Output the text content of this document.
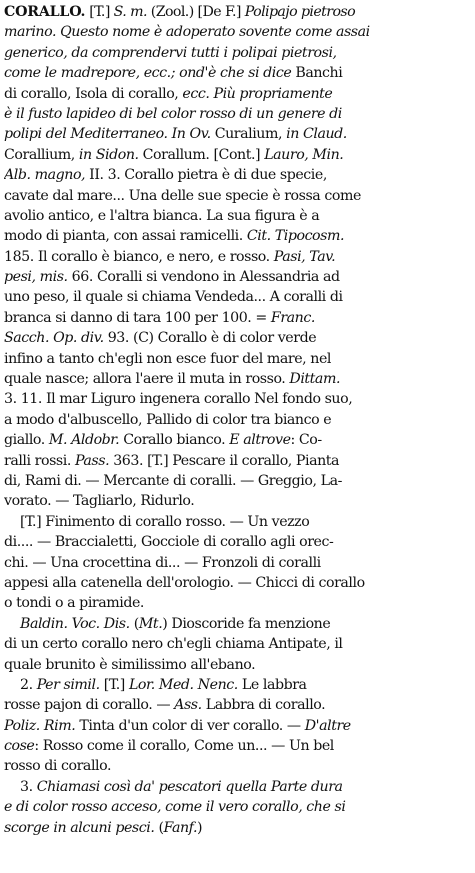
CORALLO. [T.] S. m. (Zool.) [De F.] Polipajo pietroso
marino. Questo nome è adoperato sovente come assai
generico, da comprendervi tutti i polipai pietrosi,
come le madrepore, ecc.; ond'è che si dice Banchi
di corallo, Isola di corallo, ecc. Più propriamente
è il fusto lapideo di bel color rosso di un genere di
polipi del Mediterraneo. In Ov. Curalium, in Claud.
Corallium, in Sidon. Corallum. [Cont.] Lauro, Min.
Alb. magno, II. 3. Corallo pietra è di due specie,
cavate dal mare... Una delle sue specie è rossa come
avolio antico, e l'altra bianca. La sua figura è a
modo di pianta, con assai ramicelli. Cit. Tipocosm.
185. Il corallo è bianco, e nero, e rosso. Pasi, Tav.
pesi, mis. 66. Coralli si vendono in Alessandria ad
uno peso, il quale si chiama Vendeda... A coralli di
branca si danno di tara 100 per 100. = Franc.
Sacch. Op. div. 93. (C) Corallo è di color verde
infino a tanto ch'egli non esce fuor del mare, nel
quale nasce; allora l'aere il muta in rosso. Dittam.
3. 11. Il mar Liguro ingenera corallo Nel fondo suo,
a modo d'albuscello, Pallido di color tra bianco e
giallo. M. Aldobr. Corallo bianco. E altrove: Co-
ralli rossi. Pass. 363. [T.] Pescare il corallo, Pianta
di, Rami di. — Mercante di coralli. — Greggio, La-
vorato. — Tagliarlo, Ridurlo.
[T.] Finimento di corallo rosso. — Un vezzo
di.... — Braccialetti, Gocciole di corallo agli orec-
chi. — Una crocettina di... — Fronzoli di coralli
appesi alla catenella dell'orologio. — Chicci di corallo
o tondi o a piramide.
Baldin. Voc. Dis. (Mt.) Dioscoride fa menzione
di un certo corallo nero ch'egli chiama Antipate, il
quale brunito è similissimo all'ebano.
2. Per simil. [T.] Lor. Med. Nenc. Le labbra
rosse pajon di corallo. — Ass. Labbra di corallo.
Poliz. Rim. Tinta d'un color di ver corallo. — D'altre
cose: Rosso come il corallo, Come un... — Un bel
rosso di corallo.
3. Chiamasi così da' pescatori quella Parte dura
e di color rosso acceso, come il vero corallo, che si
scorge in alcuni pesci. (Fanf.)
